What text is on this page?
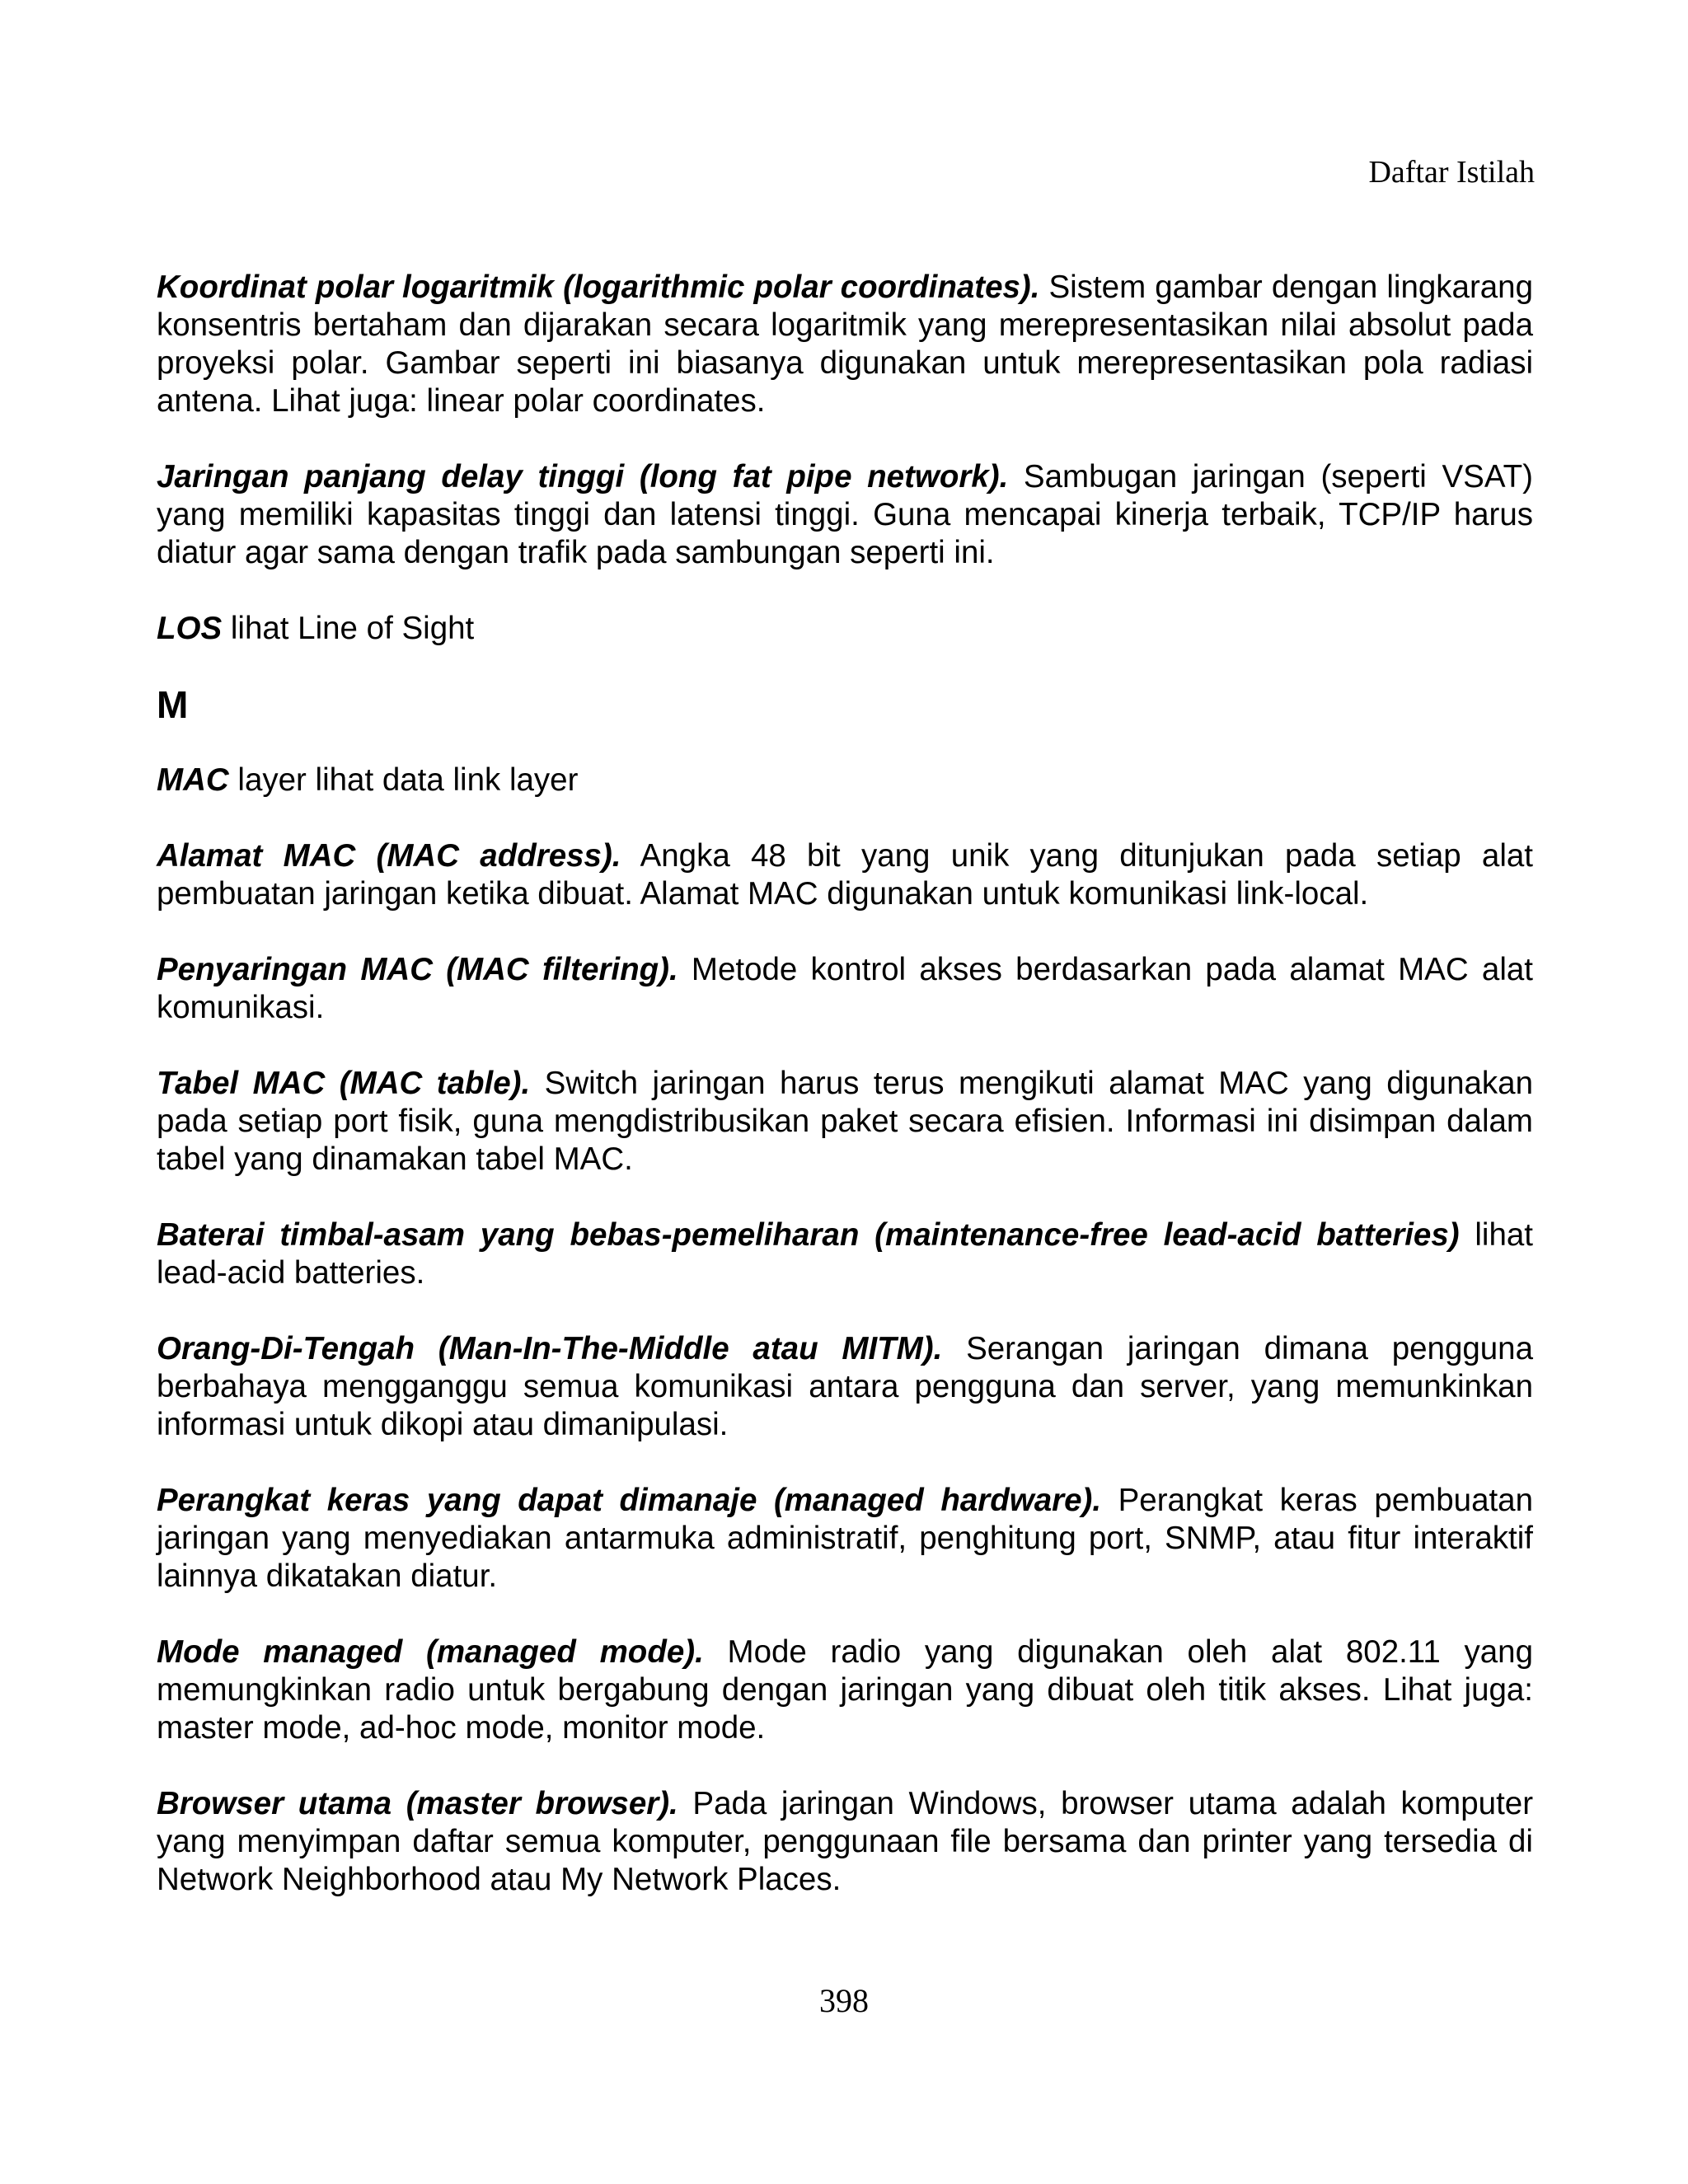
Daftar Istilah

Koordinat polar logaritmik (logarithmic polar coordinates). Sistem gambar dengan lingkarang konsentris bertaham dan dijarakan secara logaritmik yang merepresentasikan nilai absolut pada proyeksi polar. Gambar seperti ini biasanya digunakan untuk merepresentasikan pola radiasi antena. Lihat juga: linear polar coordinates.

Jaringan panjang delay tinggi (long fat pipe network). Sambugan jaringan (seperti VSAT) yang memiliki kapasitas tinggi dan latensi tinggi. Guna mencapai kinerja terbaik, TCP/IP harus diatur agar sama dengan trafik pada sambungan seperti ini.

LOS lihat Line of Sight

M

MAC layer lihat data link layer

Alamat MAC (MAC address). Angka 48 bit yang unik yang ditunjukan pada setiap alat pembuatan jaringan ketika dibuat. Alamat MAC digunakan untuk komunikasi link-local.

Penyaringan MAC (MAC filtering). Metode kontrol akses berdasarkan pada alamat MAC alat komunikasi.

Tabel MAC (MAC table). Switch jaringan harus terus mengikuti alamat MAC yang digunakan pada setiap port fisik, guna mengdistribusikan paket secara efisien. Informasi ini disimpan dalam tabel yang dinamakan tabel MAC.

Baterai timbal-asam yang bebas-pemeliharan (maintenance-free lead-acid batteries) lihat lead-acid batteries.

Orang-Di-Tengah (Man-In-The-Middle atau MITM). Serangan jaringan dimana pengguna berbahaya mengganggu semua komunikasi antara pengguna dan server, yang memunkinkan informasi untuk dikopi atau dimanipulasi.

Perangkat keras yang dapat dimanaje (managed hardware). Perangkat keras pembuatan jaringan yang menyediakan antarmuka administratif, penghitung port, SNMP, atau fitur interaktif lainnya dikatakan diatur.

Mode managed (managed mode). Mode radio yang digunakan oleh alat 802.11 yang memungkinkan radio untuk bergabung dengan jaringan yang dibuat oleh titik akses. Lihat juga: master mode, ad-hoc mode, monitor mode.

Browser utama (master browser). Pada jaringan Windows, browser utama adalah komputer yang menyimpan daftar semua komputer, penggunaan file bersama dan printer yang tersedia di Network Neighborhood atau My Network Places.

398
